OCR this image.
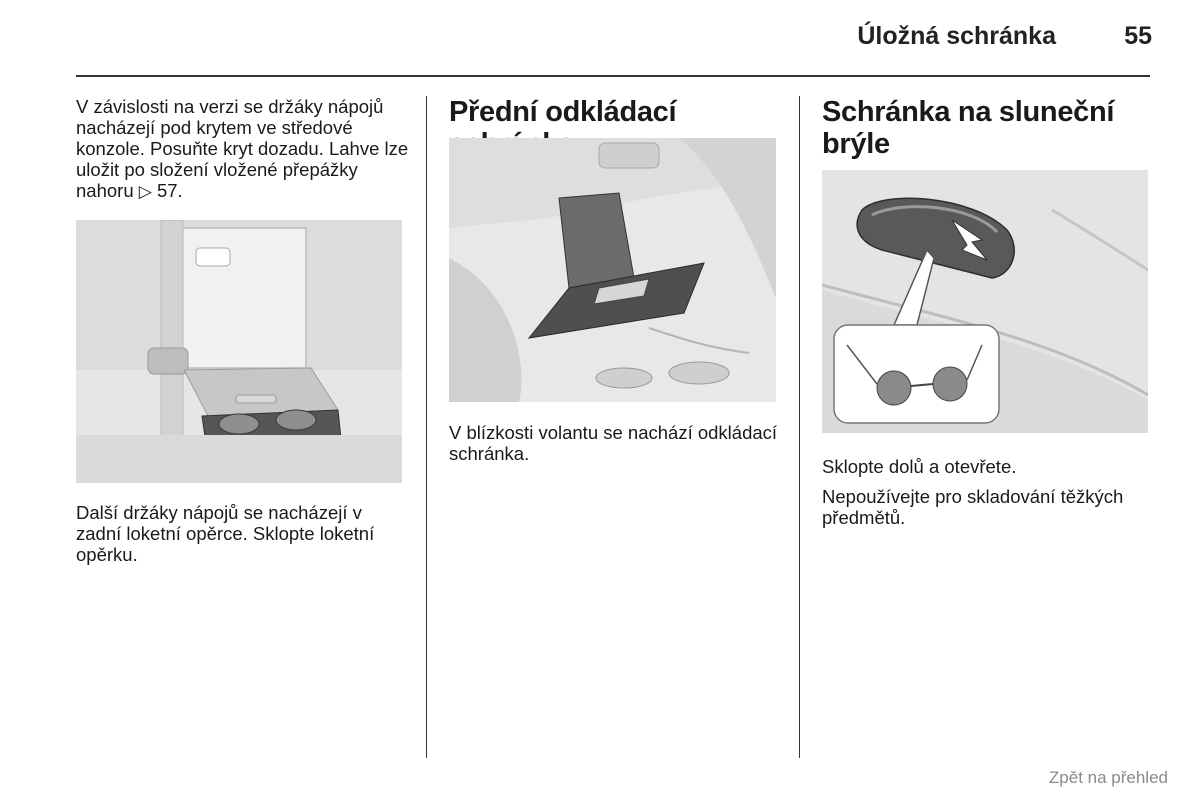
Úložná schránka	55

V závislosti na verzi se držáky nápojů nacházejí pod krytem ve středové konzole. Posuňte kryt dozadu. Lahve lze uložit po složení vložené přepážky nahoru ▷ 57.

Další držáky nápojů se nacházejí v zadní loketní opěrce. Sklopte loketní opěrku.

Přední odkládací

V blízkosti volantu se nachází odkládací schránka.

Schránka na sluneční brýle

Sklopte dolů a otevřete.

Nepoužívejte pro skladování těžkých předmětů.

Zpět na přehled
